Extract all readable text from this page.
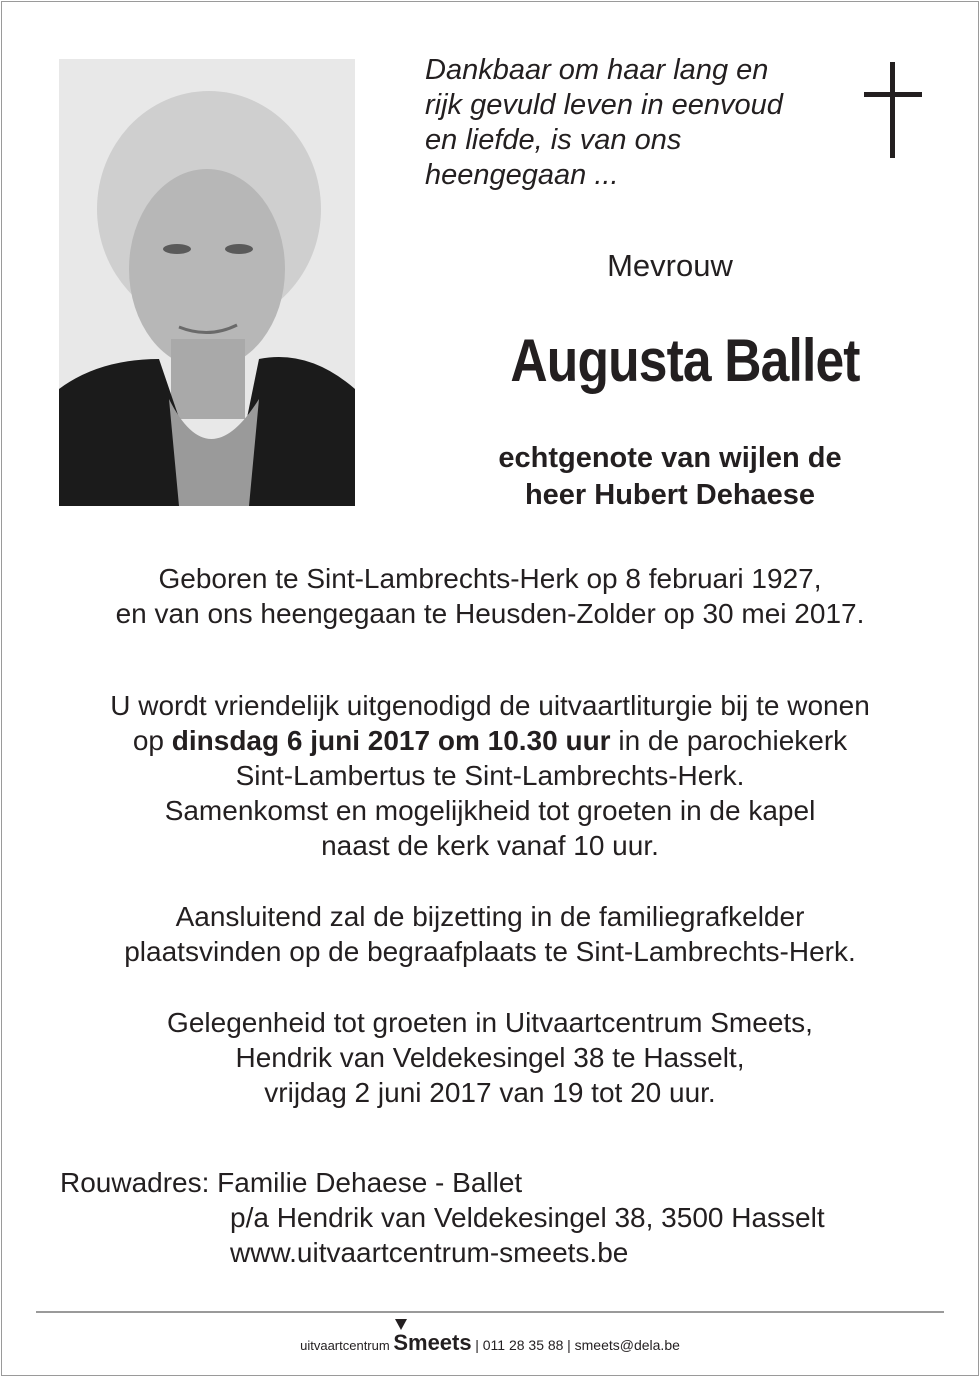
Dankbaar om haar lang en
rijk gevuld leven in eenvoud
en liefde, is van ons
heengegaan ...
Mevrouw
Augusta Ballet
echtgenote van wijlen de
heer Hubert Dehaese
Geboren te Sint-Lambrechts-Herk op 8 februari 1927,
en van ons heengegaan te Heusden-Zolder op 30 mei 2017.
U wordt vriendelijk uitgenodigd de uitvaartliturgie bij te wonen
op dinsdag 6 juni 2017 om 10.30 uur in de parochiekerk
Sint-Lambertus te Sint-Lambrechts-Herk.
Samenkomst en mogelijkheid tot groeten in de kapel
naast de kerk vanaf 10 uur.
Aansluitend zal de bijzetting in de familiegrafkelder
plaatsvinden op de begraafplaats te Sint-Lambrechts-Herk.
Gelegenheid tot groeten in Uitvaartcentrum Smeets,
Hendrik van Veldekesingel 38 te Hasselt,
vrijdag 2 juni 2017 van 19 tot 20 uur.
Rouwadres: Familie Dehaese - Ballet
p/a Hendrik van Veldekesingel 38, 3500 Hasselt
www.uitvaartcentrum-smeets.be
uitvaartcentrum Smeets | 011 28 35 88 | smeets@dela.be
